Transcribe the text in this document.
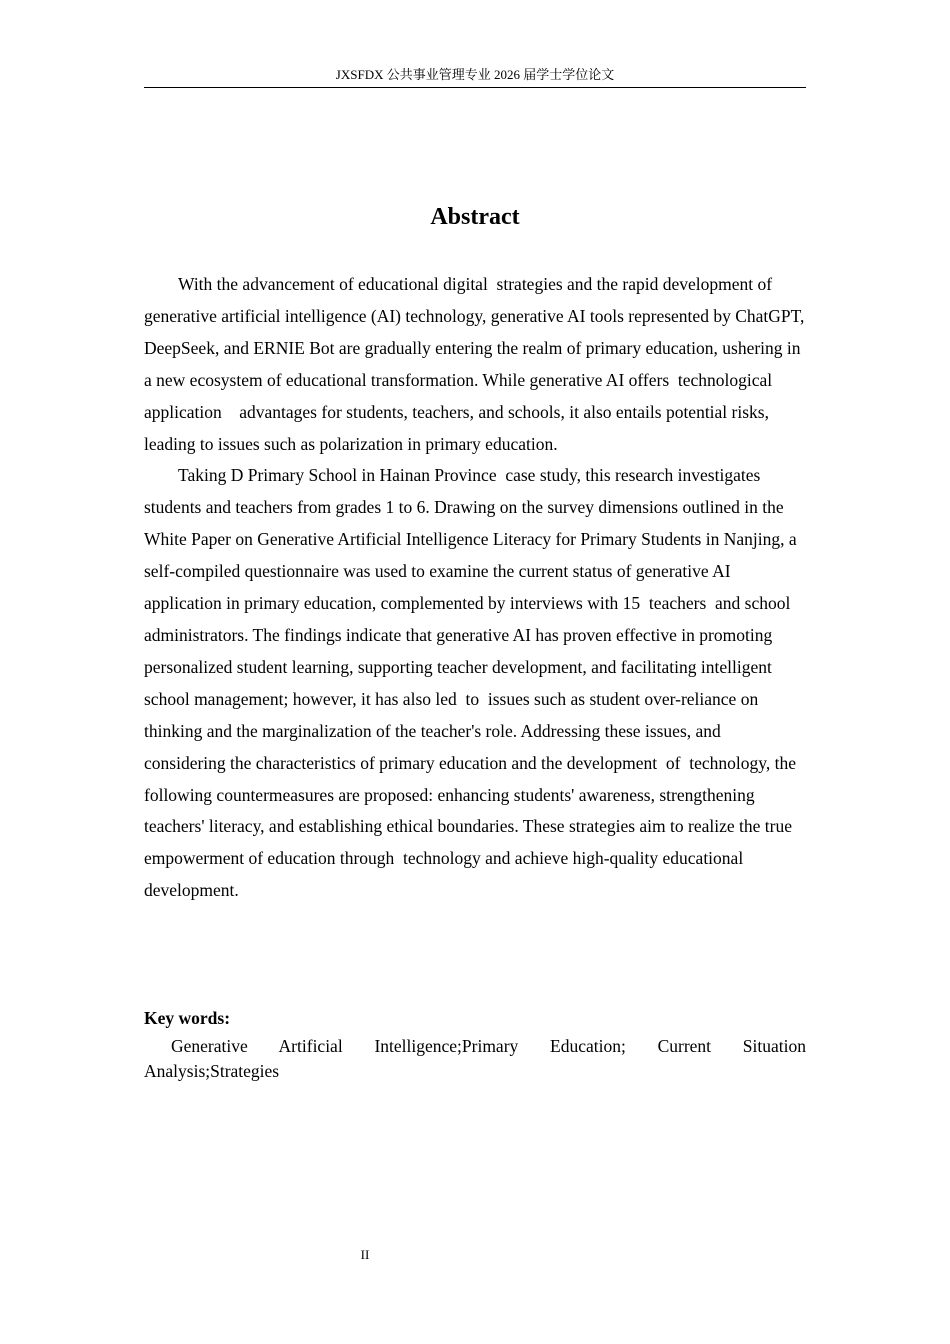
JXSFDX 公共事业管理专业 2026 届学士学位论文
Abstract

With the advancement of educational digital  strategies and the rapid development of generative artificial intelligence (AI) technology, generative AI tools represented by ChatGPT, DeepSeek, and ERNIE Bot are gradually entering the realm of primary education, ushering in a new ecosystem of educational transformation. While generative AI offers  technological application    advantages for students, teachers, and schools, it also entails potential risks, leading to issues such as polarization in primary education.

Taking D Primary School in Hainan Province  case study, this research investigates students and teachers from grades 1 to 6. Drawing on the survey dimensions outlined in the White Paper on Generative Artificial Intelligence Literacy for Primary Students in Nanjing, a self-compiled questionnaire was used to examine the current status of generative AI application in primary education, complemented by interviews with 15  teachers  and school administrators. The findings indicate that generative AI has proven effective in promoting personalized student learning, supporting teacher development, and facilitating intelligent school management; however, it has also led  to  issues such as student over-reliance on thinking and the marginalization of the teacher's role. Addressing these issues, and considering the characteristics of primary education and the development  of  technology, the following countermeasures are proposed: enhancing students' awareness, strengthening teachers' literacy, and establishing ethical boundaries. These strategies aim to realize the true empowerment of education through  technology and achieve high-quality educational development.

Key words:
Generative Artificial Intelligence;Primary Education; Current Situation Analysis;Strategies
II
